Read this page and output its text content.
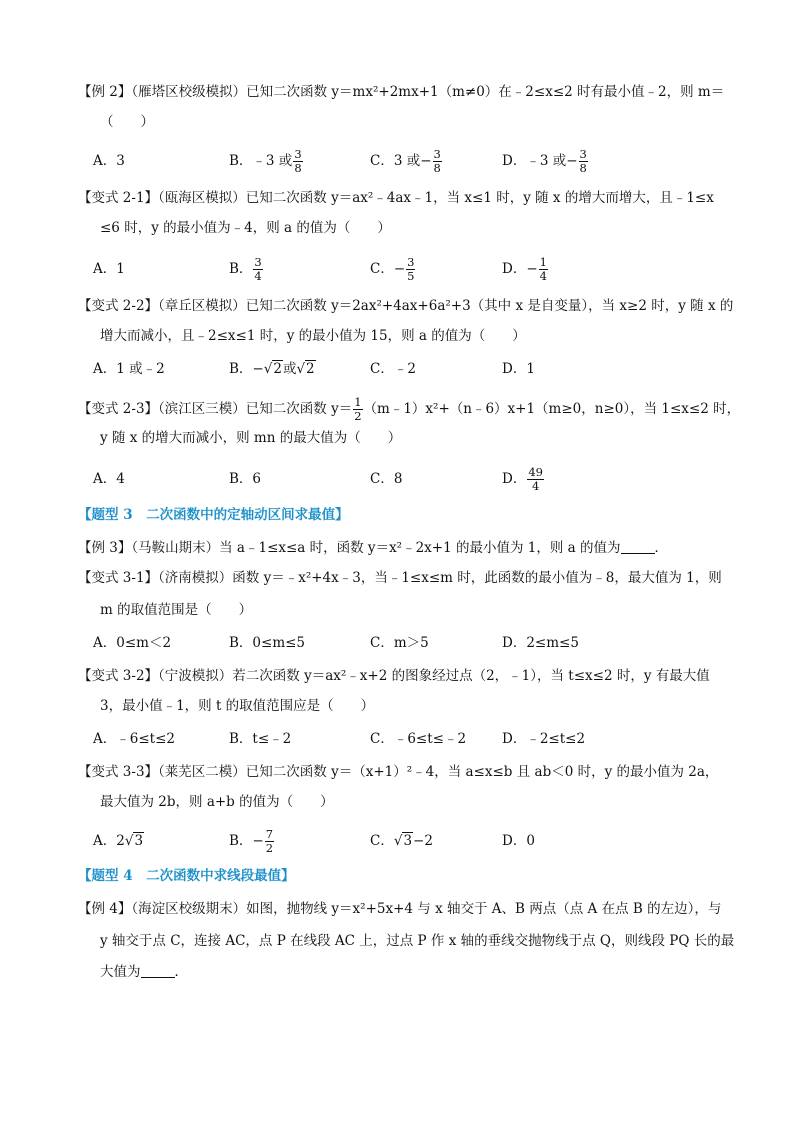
【例 2】（雁塔区校级模拟）已知二次函数 y＝mx²+2mx+1（m≠0）在﹣2≤x≤2 时有最小值﹣2，则 m＝
（　　）
A．3	B．﹣3 或 $\frac{3}{8}$	C．3 或− $\frac{3}{8}$	D．﹣3 或− $\frac{3}{8}$
【变式 2-1】（瓯海区模拟）已知二次函数 y＝ax²﹣4ax﹣1，当 x≤1 时，y 随 x 的增大而增大，且﹣1≤x
≤6 时，y 的最小值为﹣4，则 a 的值为（　　）
A．1	B． $\frac{3}{4}$	C．− $\frac{3}{5}$	D．− $\frac{1}{4}$
【变式 2-2】（章丘区模拟）已知二次函数 y＝2ax²+4ax+6a²+3（其中 x 是自变量），当 x≥2 时，y 随 x 的
增大而减小，且﹣2≤x≤1 时，y 的最小值为 15，则 a 的值为（　　）
A．1 或﹣2	B．−√2或√2	C．﹣2	D．1
【变式 2-3】（滨江区三模）已知二次函数 $y= \frac{1}{2}$ （m﹣1）x²+（n﹣6）x+1（m≥0，n≥0），当 1≤x≤2 时，
y 随 x 的增大而减小，则 mn 的最大值为（　　）
A．4	B．6	C．8	D． $\frac{49}{4}$
【题型 3　二次函数中的定轴动区间求最值】
【例 3】（马鞍山期末）当 a﹣1≤x≤a 时，函数 y＝x²﹣2x+1 的最小值为 1，则 a 的值为	．
【变式 3-1】（济南模拟）函数 y＝﹣x²+4x﹣3，当﹣1≤x≤m 时，此函数的最小值为﹣8，最大值为 1，则
m 的取值范围是（　　）
A．0≤m＜2	B．0≤m≤5	C．m＞5	D．2≤m≤5
【变式 3-2】（宁波模拟）若二次函数 y＝ax²﹣x+2 的图象经过点（2，﹣1），当 t≤x≤2 时，y 有最大值
3，最小值﹣1，则 t 的取值范围应是（　　）
A．﹣6≤t≤2	B．t≤﹣2	C．﹣6≤t≤﹣2	D．﹣2≤t≤2
【变式 3-3】（莱芜区二模）已知二次函数 y＝（x+1）²﹣4，当 a≤x≤b 且 ab＜0 时，y 的最小值为 2a，
最大值为 2b，则 a+b 的值为（　　）
A．2√3	B．− $\frac{7}{2}$	C．√3−2	D．0
【题型 4　二次函数中求线段最值】
【例 4】（海淀区校级期末）如图，抛物线 y＝x²+5x+4 与 x 轴交于 A、B 两点（点 A 在点 B 的左边），与
y 轴交于点 C，连接 AC，点 P 在线段 AC 上，过点 P 作 x 轴的垂线交抛物线于点 Q，则线段 PQ 长的最
大值为	．
